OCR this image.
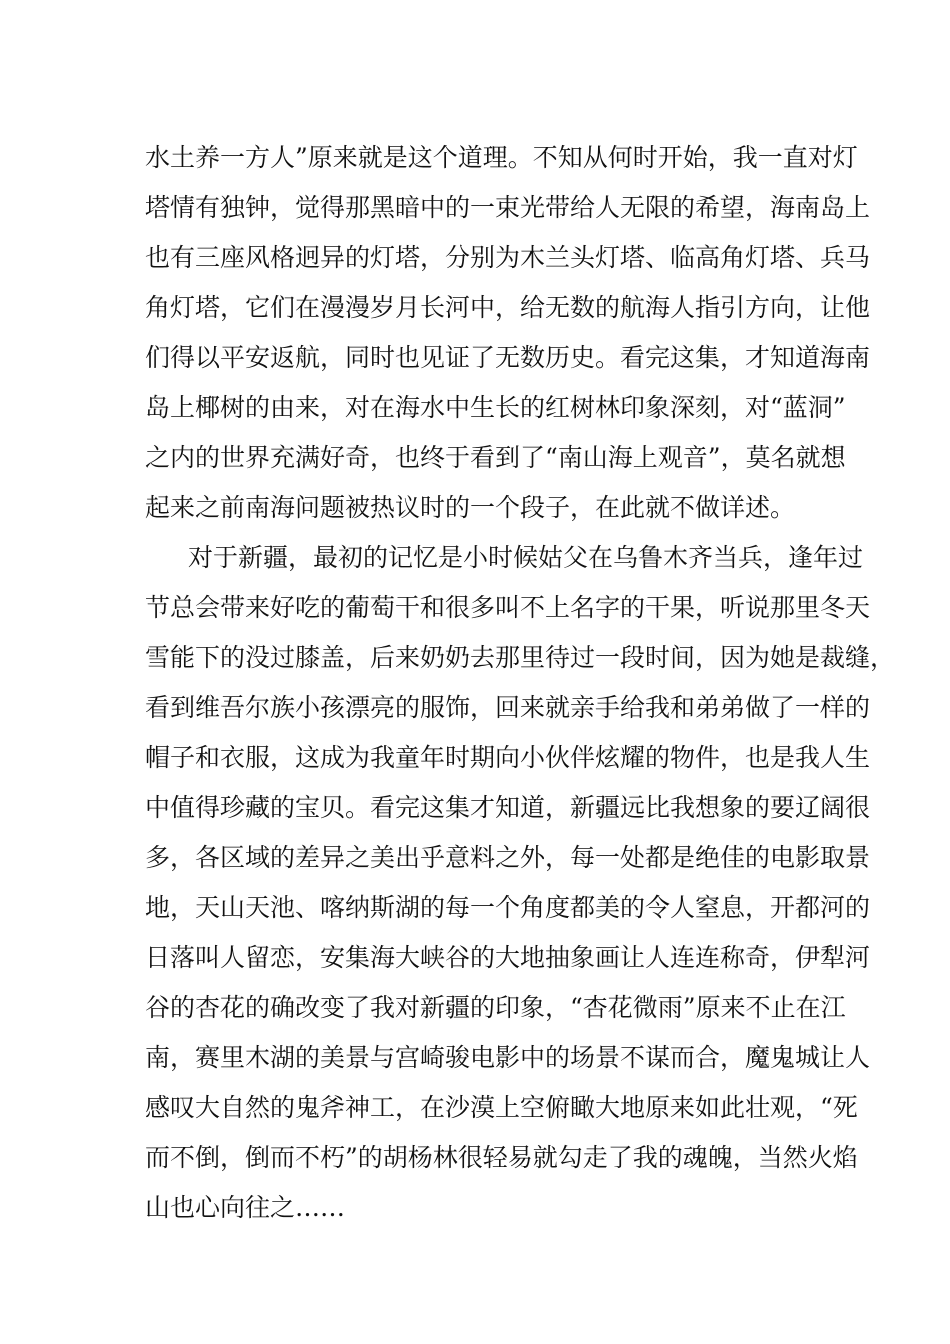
水土养一方人”原来就是这个道理。不知从何时开始，我一直对灯
塔情有独钟，觉得那黑暗中的一束光带给人无限的希望，海南岛上
也有三座风格迥异的灯塔，分别为木兰头灯塔、临高角灯塔、兵马
角灯塔，它们在漫漫岁月长河中，给无数的航海人指引方向，让他
们得以平安返航，同时也见证了无数历史。看完这集，才知道海南
岛上椰树的由来，对在海水中生长的红树林印象深刻，对“蓝洞”
之内的世界充满好奇，也终于看到了“南山海上观音”，莫名就想
起来之前南海问题被热议时的一个段子，在此就不做详述。
对于新疆，最初的记忆是小时候姑父在乌鲁木齐当兵，逢年过
节总会带来好吃的葡萄干和很多叫不上名字的干果，听说那里冬天
雪能下的没过膝盖，后来奶奶去那里待过一段时间，因为她是裁缝，
看到维吾尔族小孩漂亮的服饰，回来就亲手给我和弟弟做了一样的
帽子和衣服，这成为我童年时期向小伙伴炫耀的物件，也是我人生
中值得珍藏的宝贝。看完这集才知道，新疆远比我想象的要辽阔很
多，各区域的差异之美出乎意料之外，每一处都是绝佳的电影取景
地，天山天池、喀纳斯湖的每一个角度都美的令人窒息，开都河的
日落叫人留恋，安集海大峡谷的大地抽象画让人连连称奇，伊犁河
谷的杏花的确改变了我对新疆的印象，“杏花微雨”原来不止在江
南，赛里木湖的美景与宫崎骏电影中的场景不谋而合，魔鬼城让人
感叹大自然的鬼斧神工，在沙漠上空俯瞰大地原来如此壮观，“死
而不倒，倒而不朽”的胡杨林很轻易就勾走了我的魂魄，当然火焰
山也心向往之……
